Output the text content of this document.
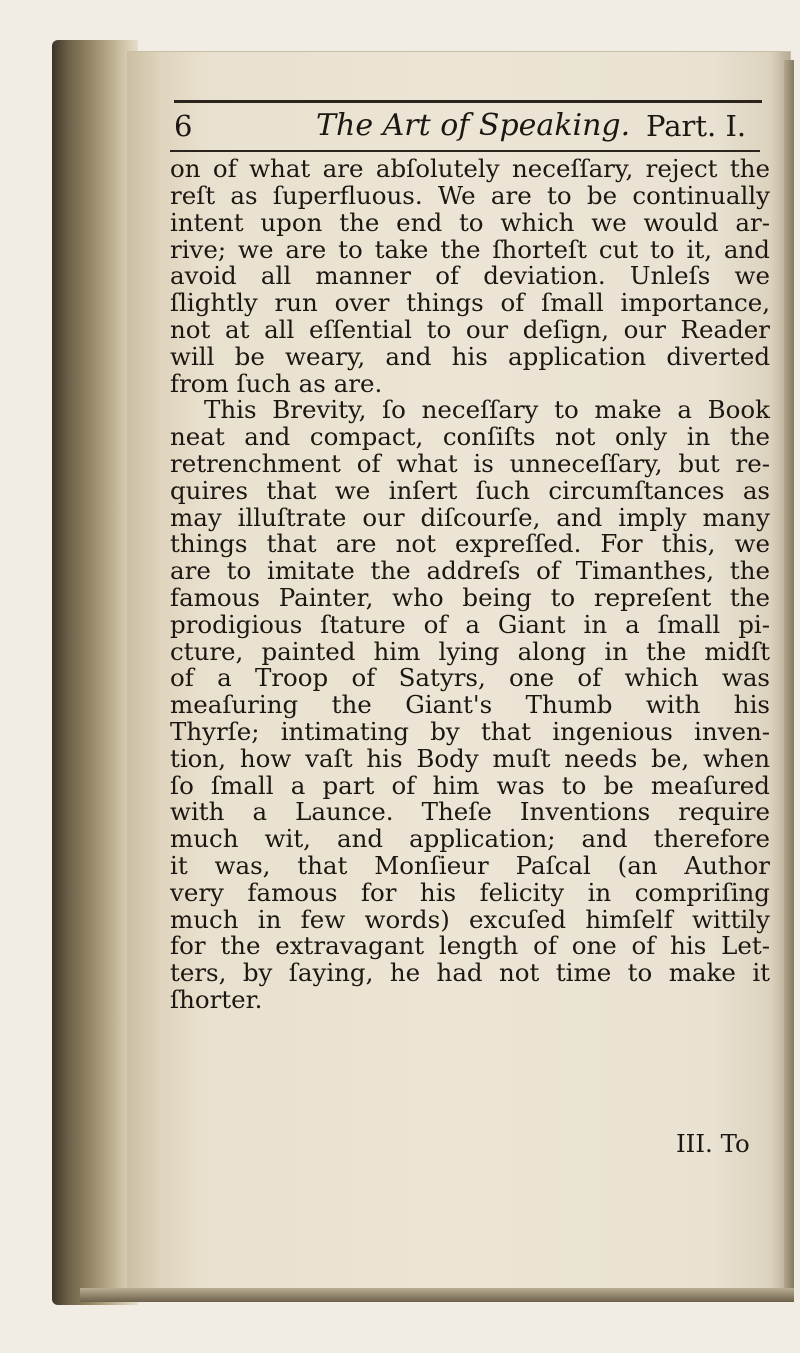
6	The Art of Speaking. Part. I.
on of what are abſolutely neceſſary, reject the
reſt as ſuperfluous. We are to be continually
intent upon the end to which we would ar-
rive; we are to take the ſhorteſt cut to it, and
avoid all manner of deviation. Unleſs we
ſlightly run over things of ſmall importance,
not at all eſſential to our deſign, our Reader
will be weary, and his application diverted
from ſuch as are.
This Brevity, ſo neceſſary to make a Book
neat and compact, conſiſts not only in the
retrenchment of what is unneceſſary, but re-
quires that we inſert ſuch circumſtances as
may illuſtrate our diſcourſe, and imply many
things that are not expreſſed. For this, we
are to imitate the addreſs of Timanthes, the
famous Painter, who being to repreſent the
prodigious ſtature of a Giant in a ſmall pi-
cture, painted him lying along in the midſt
of a Troop of Satyrs, one of which was
meaſuring the Giant's Thumb with his
Thyrſe; intimating by that ingenious inven-
tion, how vaſt his Body muſt needs be, when
ſo ſmall a part of him was to be meaſured
with a Launce. Theſe Inventions require
much wit, and application; and therefore
it was, that Monſieur Paſcal (an Author
very famous for his felicity in compriſing
much in few words) excuſed himſelf wittily
for the extravagant length of one of his Let-
ters, by ſaying, he had not time to make it
ſhorter.
III. To
